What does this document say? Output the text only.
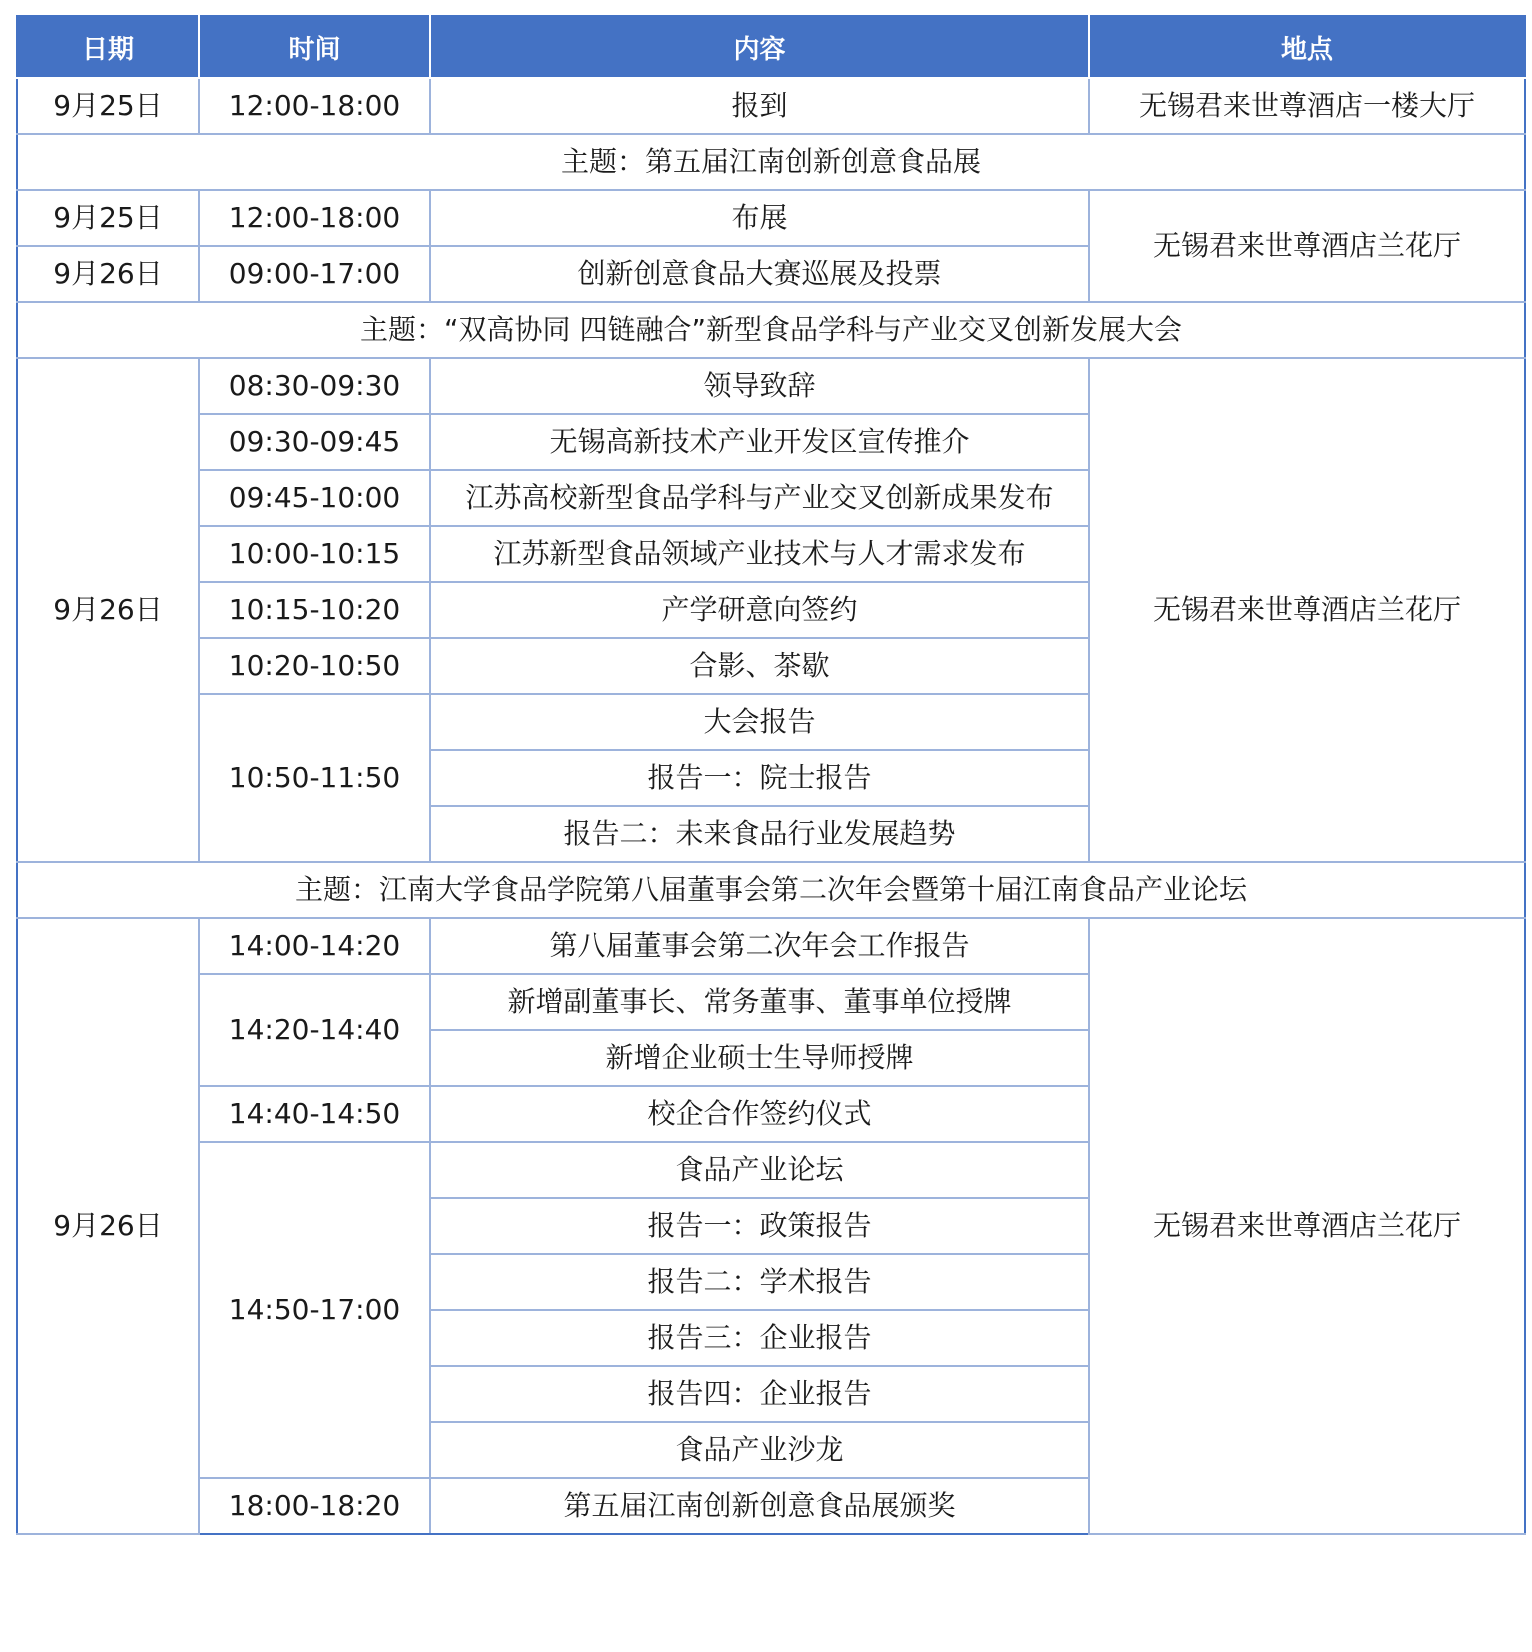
日期	时间	内容	地点
9月25日	12:00-18:00	报到	无锡君来世尊酒店一楼大厅
主题：第五届江南创新创意食品展			
9月25日	12:00-18:00	布展	无锡君来世尊酒店兰花厅
9月26日	09:00-17:00	创新创意食品大赛巡展及投票	
主题：“双高协同 四链融合”新型食品学科与产业交叉创新发展大会			
9月26日	08:30-09:30	领导致辞	无锡君来世尊酒店兰花厅
	09:30-09:45	无锡高新技术产业开发区宣传推介	
	09:45-10:00	江苏高校新型食品学科与产业交叉创新成果发布	
	10:00-10:15	江苏新型食品领域产业技术与人才需求发布	
	10:15-10:20	产学研意向签约	
	10:20-10:50	合影、茶歇	
	10:50-11:50	大会报告	
		报告一：院士报告	
		报告二：未来食品行业发展趋势	
主题：江南大学食品学院第八届董事会第二次年会暨第十届江南食品产业论坛			
9月26日	14:00-14:20	第八届董事会第二次年会工作报告	无锡君来世尊酒店兰花厅
	14:20-14:40	新增副董事长、常务董事、董事单位授牌	
		新增企业硕士生导师授牌	
	14:40-14:50	校企合作签约仪式	
	14:50-17:00	食品产业论坛	
		报告一：政策报告	
		报告二：学术报告	
		报告三：企业报告	
		报告四：企业报告	
		食品产业沙龙	
	18:00-18:20	第五届江南创新创意食品展颁奖	
